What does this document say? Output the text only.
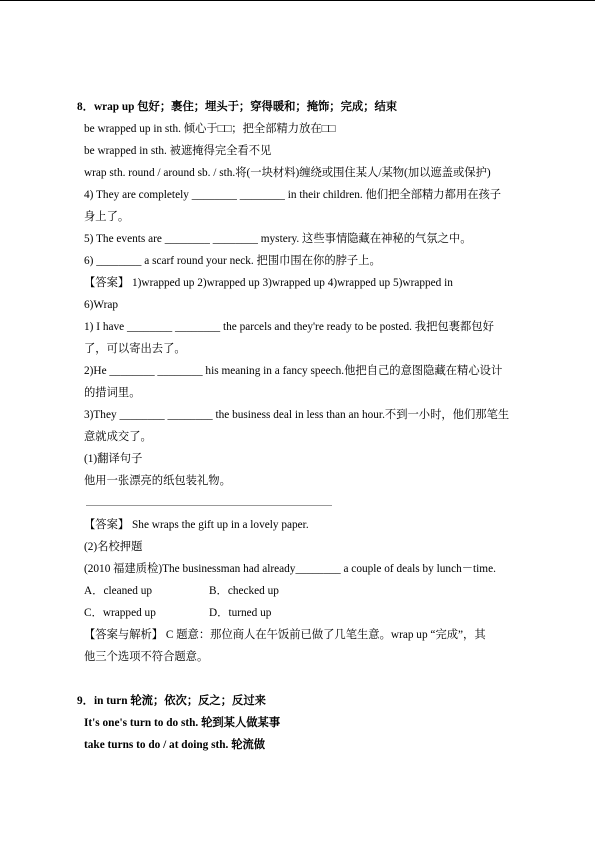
8．wrap up 包好；裹住；埋头于；穿得暖和；掩饰；完成；结束
be wrapped up in sth. 倾心于□□；把全部精力放在□□
be wrapped in sth. 被遮掩得完全看不见
wrap sth. round / around sb. / sth.将(一块材料)缠绕或围住某人/某物(加以遮盖或保护)
4) They are completely ________ ________ in their children. 他们把全部精力都用在孩子
身上了。
5) The events are ________ ________ mystery. 这些事情隐藏在神秘的气氛之中。
6) ________ a scarf round your neck. 把围巾围在你的脖子上。
【答案】 1)wrapped up 2)wrapped up 3)wrapped up 4)wrapped up 5)wrapped in
6)Wrap
1) I have ________ ________ the parcels and they're ready to be posted. 我把包裹都包好
了，可以寄出去了。
2)He ________ ________ his meaning in a fancy speech.他把自己的意图隐藏在精心设计
的措词里。
3)They ________ ________ the business deal in less than an hour.不到一小时，他们那笔生
意就成交了。
(1)翻译句子
他用一张漂亮的纸包装礼物。
【答案】 She wraps the gift up in a lovely paper.
(2)名校押题
(2010 福建质检)The businessman had already________ a couple of deals by lunch－time.
A．cleaned up	B．checked up
C．wrapped up	D．turned up
【答案与解析】 C 题意：那位商人在午饭前已做了几笔生意。wrap up “完成”，其
他三个选项不符合题意。
9．in turn 轮流；依次；反之；反过来
It's one's turn to do sth. 轮到某人做某事
take turns to do / at doing sth. 轮流做
